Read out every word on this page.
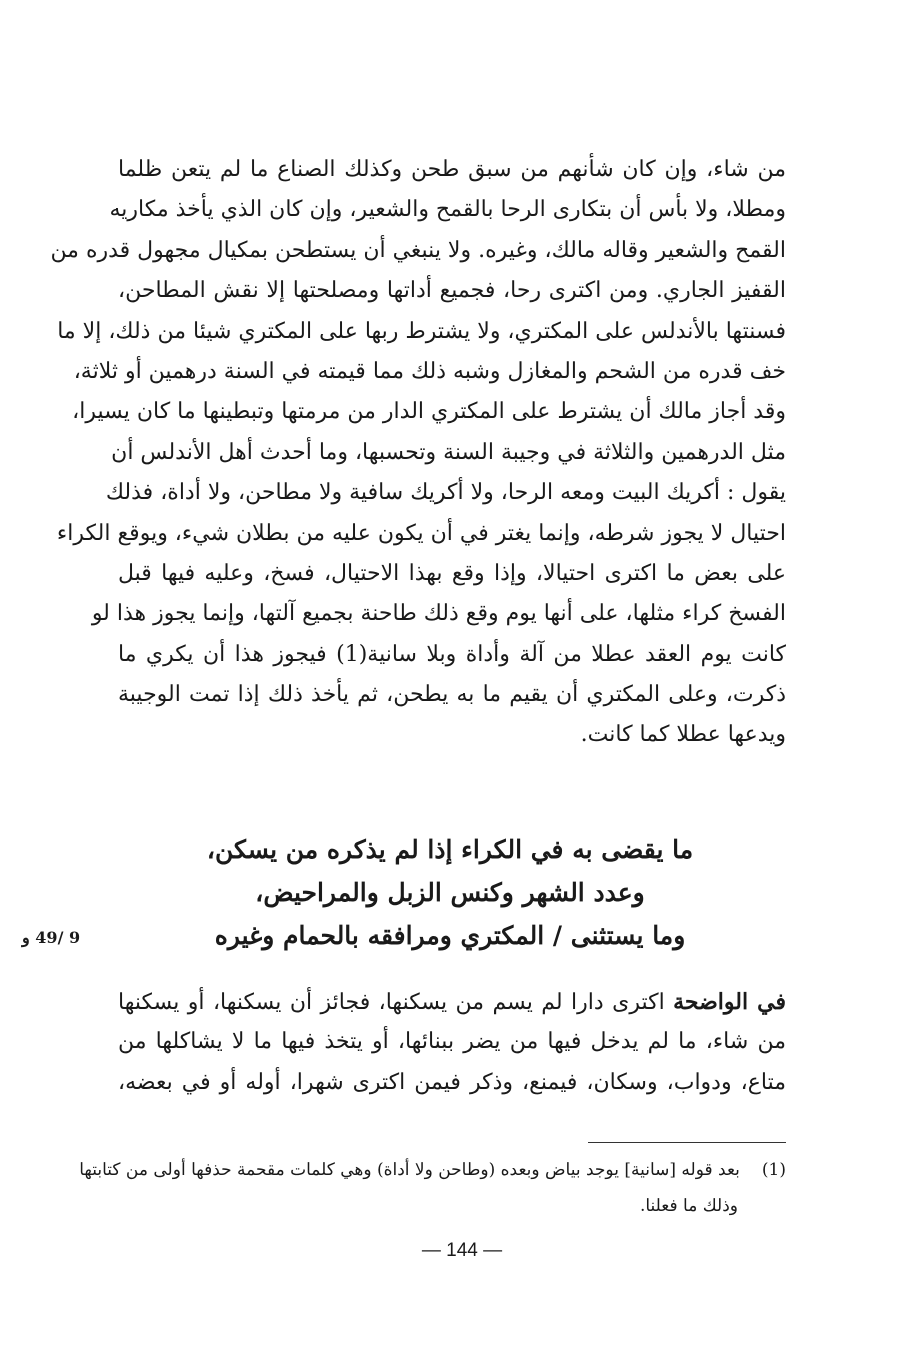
من شاء، وإن كان شأنهم من سبق طحن وكذلك الصناع ما لم يتعن ظلما
ومطلا، ولا بأس أن بتكارى الرحا بالقمح والشعير، وإن كان الذي يأخذ مكاريه
القمح والشعير وقاله مالك، وغيره. ولا ينبغي أن يستطحن بمكيال مجهول قدره من
القفيز الجاري. ومن اكترى رحا، فجميع أداتها ومصلحتها إلا نقش المطاحن،
فسنتها بالأندلس على المكتري، ولا يشترط ربها على المكتري شيئا من ذلك، إلا ما
خف قدره من الشحم والمغازل وشبه ذلك مما قيمته في السنة درهمين أو ثلاثة،
وقد أجاز مالك أن يشترط على المكتري الدار من مرمتها وتبطينها ما كان يسيرا،
مثل الدرهمين والثلاثة في وجيبة السنة وتحسبها، وما أحدث أهل الأندلس أن
يقول : أكريك البيت ومعه الرحا، ولا أكريك سافية ولا مطاحن، ولا أداة، فذلك
احتيال لا يجوز شرطه، وإنما يغتر في أن يكون عليه من بطلان شيء، ويوقع الكراء
على بعض ما اكترى احتيالا، وإذا وقع بهذا الاحتيال، فسخ، وعليه فيها قبل
الفسخ كراء مثلها، على أنها يوم وقع ذلك طاحنة بجميع آلتها، وإنما يجوز هذا لو
كانت يوم العقد عطلا من آلة وأداة وبلا سانية(1) فيجوز هذا أن يكري ما
ذكرت، وعلى المكتري أن يقيم ما به يطحن، ثم يأخذ ذلك إذا تمت الوجيبة
ويدعها عطلا كما كانت.
ما يقضى به في الكراء إذا لم يذكره من يسكن،
وعدد الشهر وكنس الزبل والمراحيض،
وما يستثنى / المكتري ومرافقه بالحمام وغيره
9 /49 و
في الواضحة اكترى دارا لم يسم من يسكنها، فجائز أن يسكنها، أو يسكنها
من شاء، ما لم يدخل فيها من يضر ببنائها، أو يتخذ فيها ما لا يشاكلها من
متاع، ودواب، وسكان، فيمنع، وذكر فيمن اكترى شهرا، أوله أو في بعضه،
(1)بعد قوله [سانية] يوجد بياض وبعده (وطاحن ولا أداة) وهي كلمات مقحمة حذفها أولى من كتابتها
وذلك ما فعلنا.
— 144 —
